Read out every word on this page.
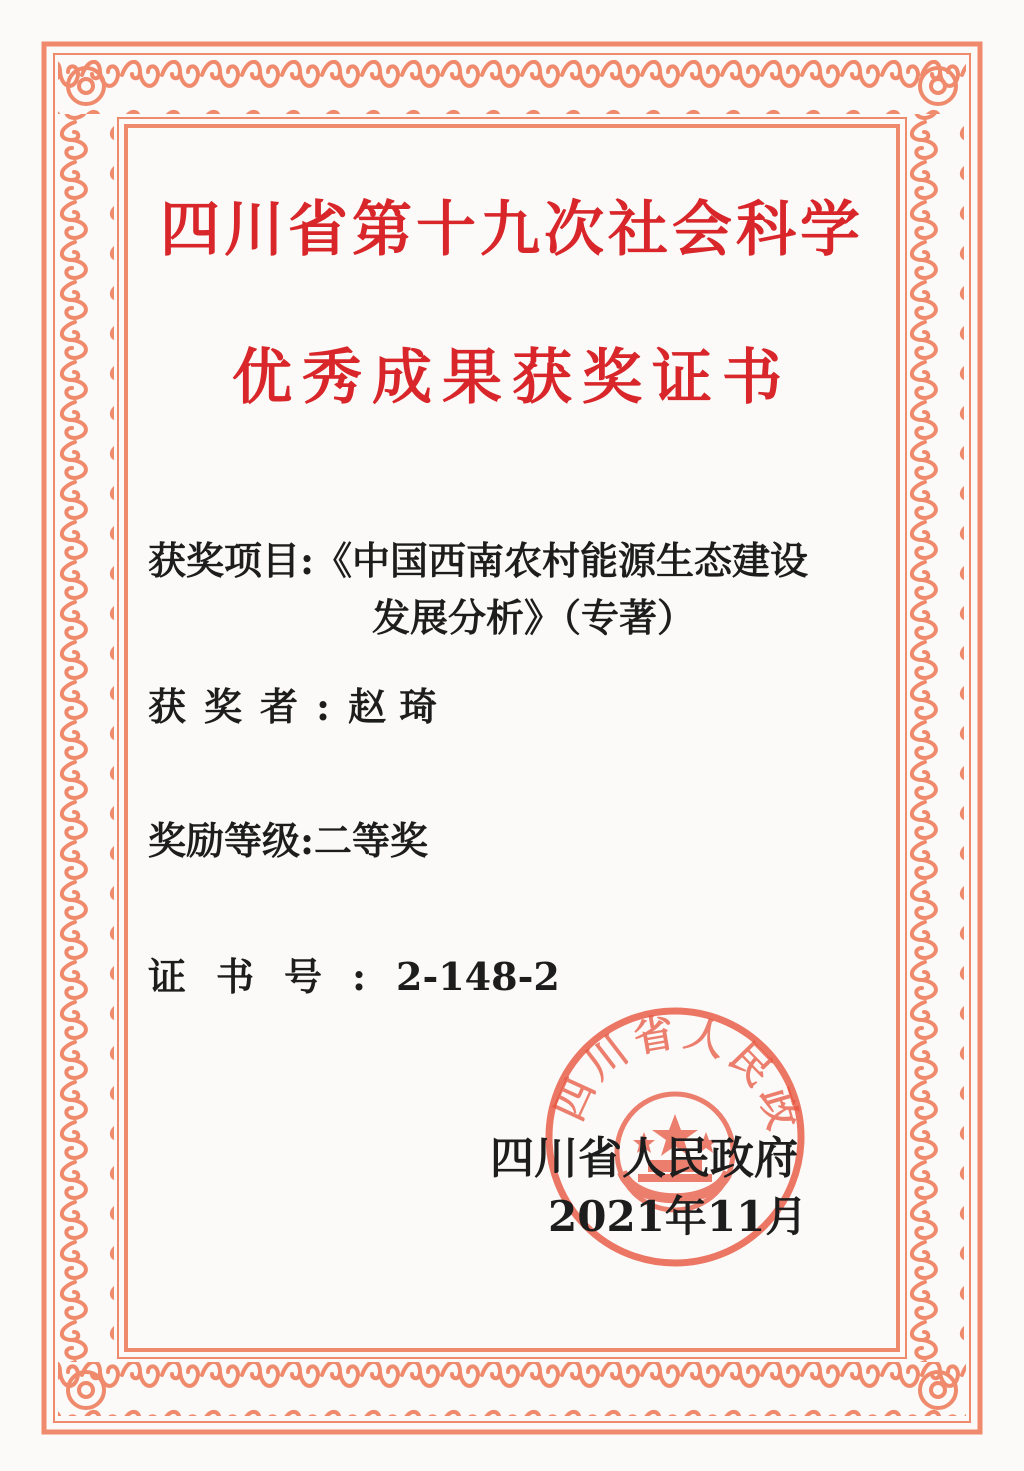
四川省第十九次社会科学
优秀成果获奖证书
获奖项目:《中国西南农村能源生态建设
发展分析》（专著）
获奖者:赵 琦
奖励等级:二等奖
证书号:2-148-2
四川省人民政
四川省人民政府
2021年11月
